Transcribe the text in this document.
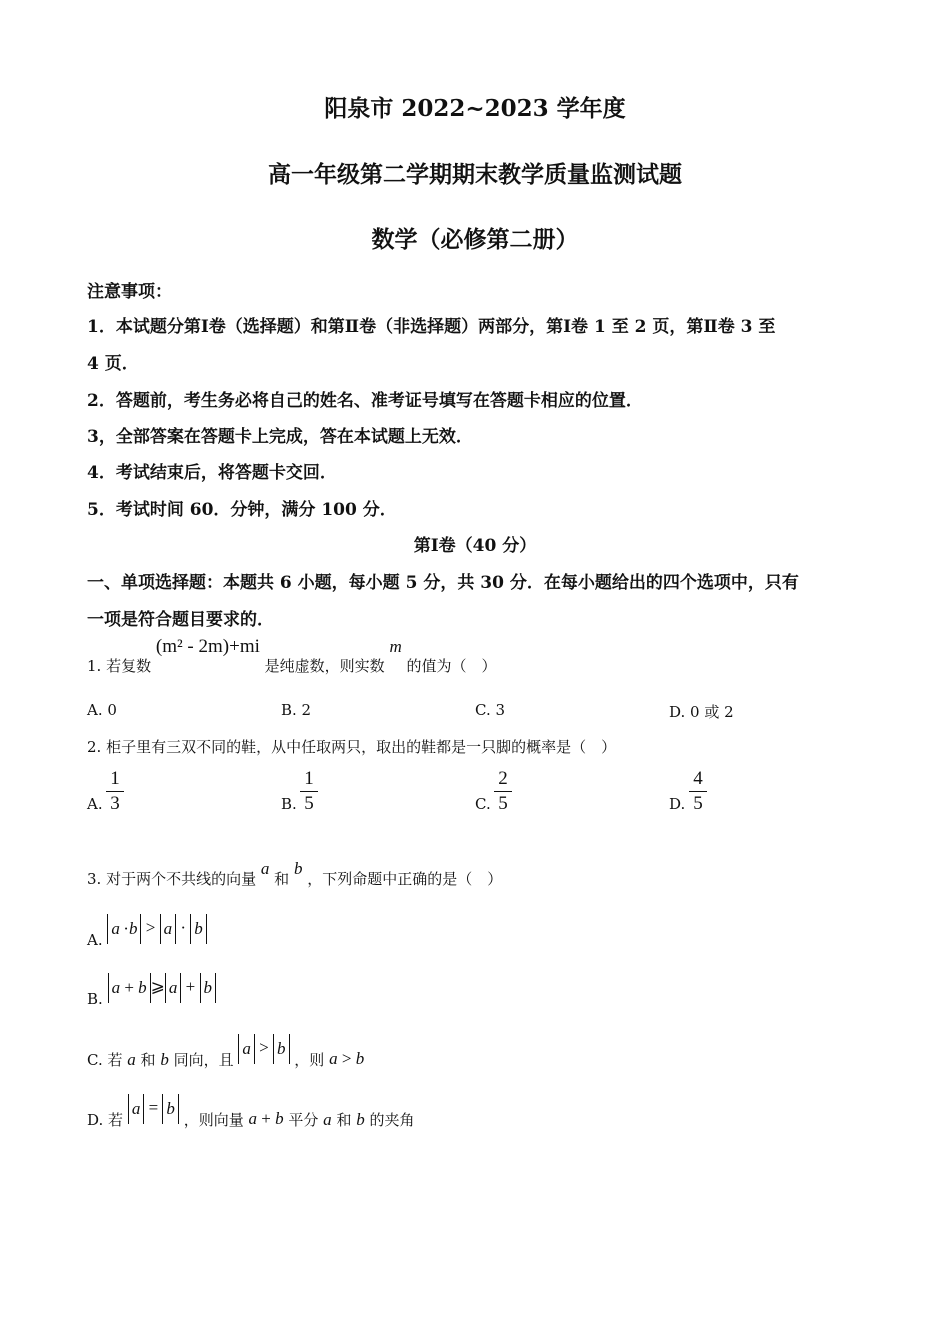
阳泉市 2022~2023 学年度
高一年级第二学期期末教学质量监测试题
数学（必修第二册）
注意事项：
1．本试题分第Ⅰ卷（选择题）和第Ⅱ卷（非选择题）两部分，第Ⅰ卷 1 至 2 页，第Ⅱ卷 3 至
4 页．
2．答题前，考生务必将自己的姓名、准考证号填写在答题卡相应的位置．
3，全部答案在答题卡上完成，答在本试题上无效．
4．考试结束后，将答题卡交回．
5．考试时间 60．分钟，满分 100 分．
第Ⅰ卷（40 分）
一、单项选择题：本题共 6 小题，每小题 5 分，共 30 分．在每小题给出的四个选项中，只有
一项是符合题目要求的．
1. 若复数 (m² - 2m)+mi 是纯虚数，则实数 m 的值为（　）
A. 0	B. 2	C. 3	D. 0 或 2
2. 柜子里有三双不同的鞋，从中任取两只，取出的鞋都是一只脚的概率是（　）
A.
1
3	B.
1
5	C.
2
5	D.
4
5
3. 对于两个不共线的向量 a 和 b ，下列命题中正确的是（　）
A. a ·b > a · b
B. a + b ⩾ a + b
C. 若 a 和 b 同向，且 a > b ，则 a > b
D. 若 a = b ，则向量 a + b 平分 a 和 b 的夹角
